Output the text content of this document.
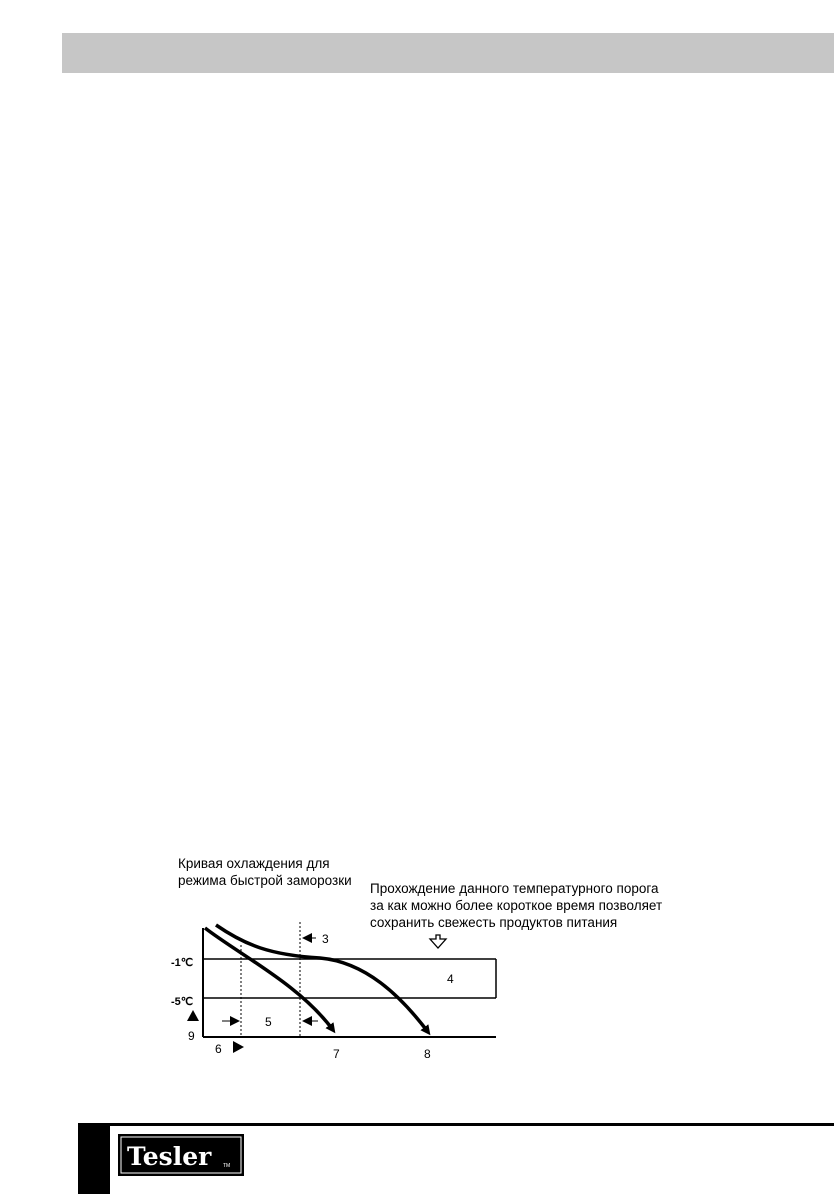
Кривая охлаждения для
режима быстрой заморозки
Прохождение данного температурного порога
за как можно более короткое время позволяет
сохранить свежесть продуктов питания
-1℃
-5℃
3
4
5
6	7	8
9
Tesler TM
